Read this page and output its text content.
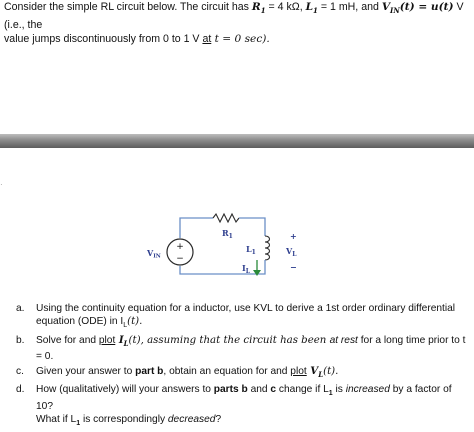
Consider the simple RL circuit below. The circuit has $R_1 = 4$ kΩ, $L_1 = 1$ mH, and $V_{IN}(t) = u(t)$ V (i.e., the
value jumps discontinuously from 0 to 1 V at t = 0 sec).
·
+
−
$R_1$
$L_1$
VIN
+
$V_L$
−
$I_L$
a.	Using the continuity equation for a inductor, use KVL to derive a 1st order ordinary differential
equation (ODE) in $I_L(t)$.
b.	Solve for and plot $I_L(t)$, assuming that the circuit has been at rest for a long time prior to t = 0.
c.	Given your answer to part b, obtain an equation for and plot $V_L(t)$.
d.	How (qualitatively) will your answers to parts b and c change if $L_1$ is increased by a factor of 10?
What if $L_1$ is correspondingly decreased?
